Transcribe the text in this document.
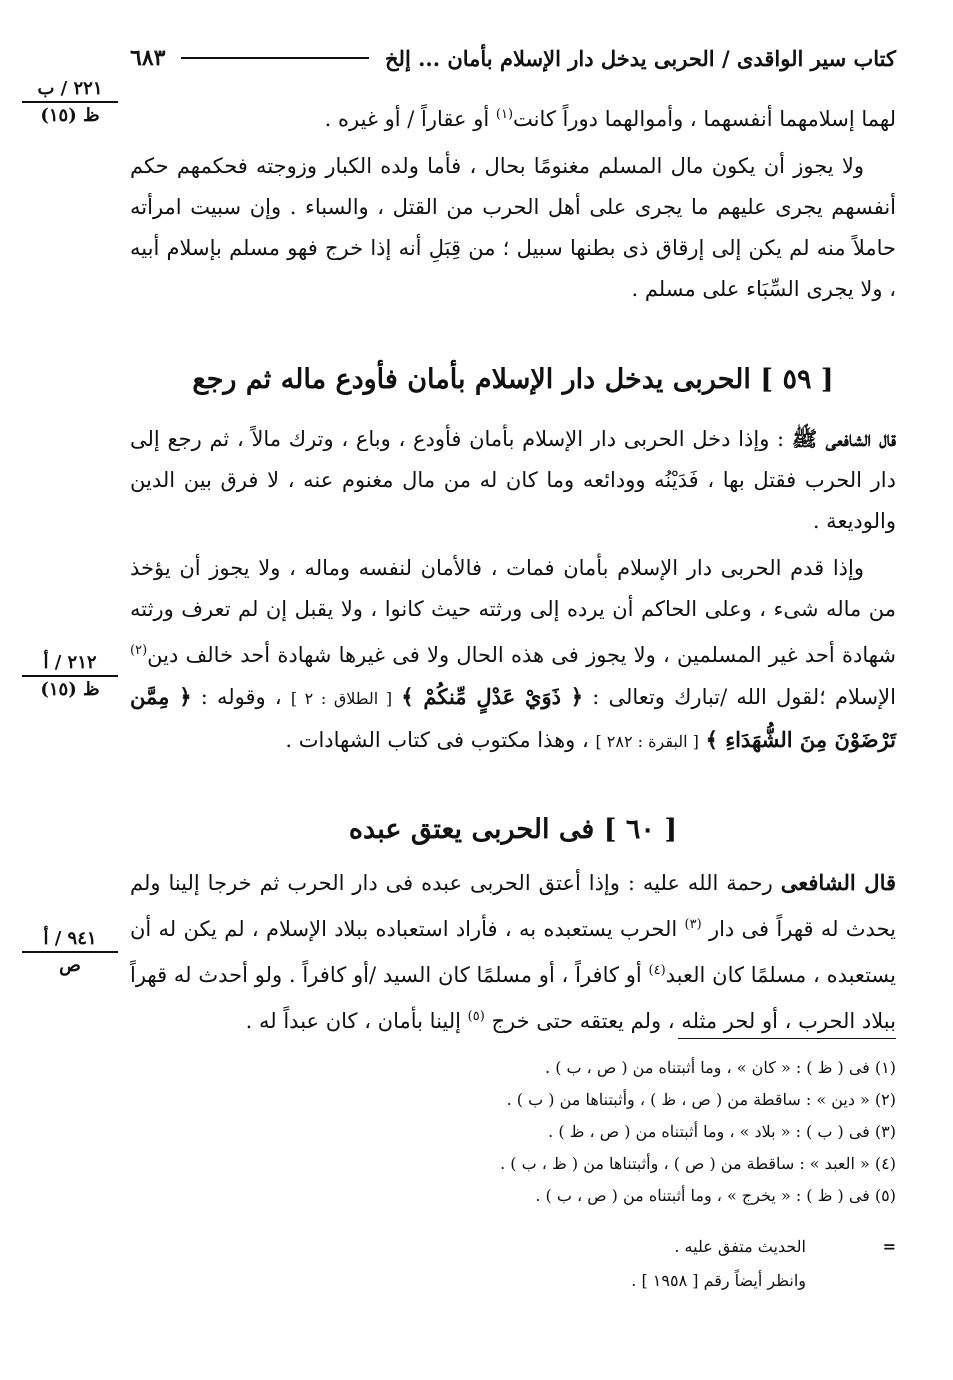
كتاب سير الواقدى / الحربى يدخل دار الإسلام بأمان ... إلخ
٦٨٣
٢٢١ / ب
ظ (١٥)
٢١٢ / أ
ظ (١٥)
٩٤١ / أ
ص

لهما إسلامهما أنفسهما ، وأموالهما دوراً كانت$^{(١)}$ أو عقاراً / أو غيره .

ولا يجوز أن يكون مال المسلم مغنومًا بحال ، فأما ولده الكبار وزوجته فحكمهم حكم أنفسهم يجرى عليهم ما يجرى على أهل الحرب من القتل ، والسباء . وإن سبيت امرأته حاملاً منه لم يكن إلى إرقاق ذى بطنها سبيل ؛ من قِبَلِ أنه إذا خرج فهو مسلم بإسلام أبيه ، ولا يجرى السِّبَاء على مسلم .

[ ٥٩ ] الحربى يدخل دار الإسلام بأمان فأودع ماله ثم رجع

قال الشافعى ﷺ : وإذا دخل الحربى دار الإسلام بأمان فأودع ، وباع ، وترك مالاً ، ثم رجع إلى دار الحرب فقتل بها ، فَدَيْنُه وودائعه وما كان له من مال مغنوم عنه ، لا فرق بين الدين والوديعة .

وإذا قدم الحربى دار الإسلام بأمان فمات ، فالأمان لنفسه وماله ، ولا يجوز أن يؤخذ من ماله شىء ، وعلى الحاكم أن يرده إلى ورثته حيث كانوا ، ولا يقبل إن لم تعرف ورثته شهادة أحد غير المسلمين ، ولا يجوز فى هذه الحال ولا فى غيرها شهادة أحد خالف دين$^{(٢)}$ الإسلام ؛لقول الله /تبارك وتعالى : ﴿ ذَوَيْ عَدْلٍ مِّنكُمْ ﴾ [ الطلاق : ٢ ] ، وقوله : ﴿ مِمَّن تَرْضَوْنَ مِنَ الشُّهَدَاءِ ﴾ [ البقرة : ٢٨٢ ] ، وهذا مكتوب فى كتاب الشهادات .

[ ٦٠ ] فى الحربى يعتق عبده

قال الشافعى رحمة الله عليه : وإذا أعتق الحربى عبده فى دار الحرب ثم خرجا إلينا ولم يحدث له قهراً فى دار $^{(٣)}$ الحرب يستعبده به ، فأراد استعباده ببلاد الإسلام ، لم يكن له أن يستعبده ، مسلمًا كان العبد$^{(٤)}$ أو كافراً ، أو مسلمًا كان السيد /أو كافراً . ولو أحدث له قهراً ببلاد الحرب ، أو لحر مثله ، ولم يعتقه حتى خرج $^{(٥)}$ إلينا بأمان ، كان عبداً له .

(١) فى ( ظ ) : « كان » ، وما أثبتناه من ( ص ، ب ) .
(٢) « دين » : ساقطة من ( ص ، ظ ) ، وأثبتناها من ( ب ) .
(٣) فى ( ب ) : « بلاد » ، وما أثبتناه من ( ص ، ظ ) .
(٤) « العبد » : ساقطة من ( ص ) ، وأثبتناها من ( ظ ، ب ) .
(٥) فى ( ظ ) : « يخرج » ، وما أثبتناه من ( ص ، ب ) .
=
الحديث متفق عليه .
وانظر أيضاً رقم [ ١٩٥٨ ] .
